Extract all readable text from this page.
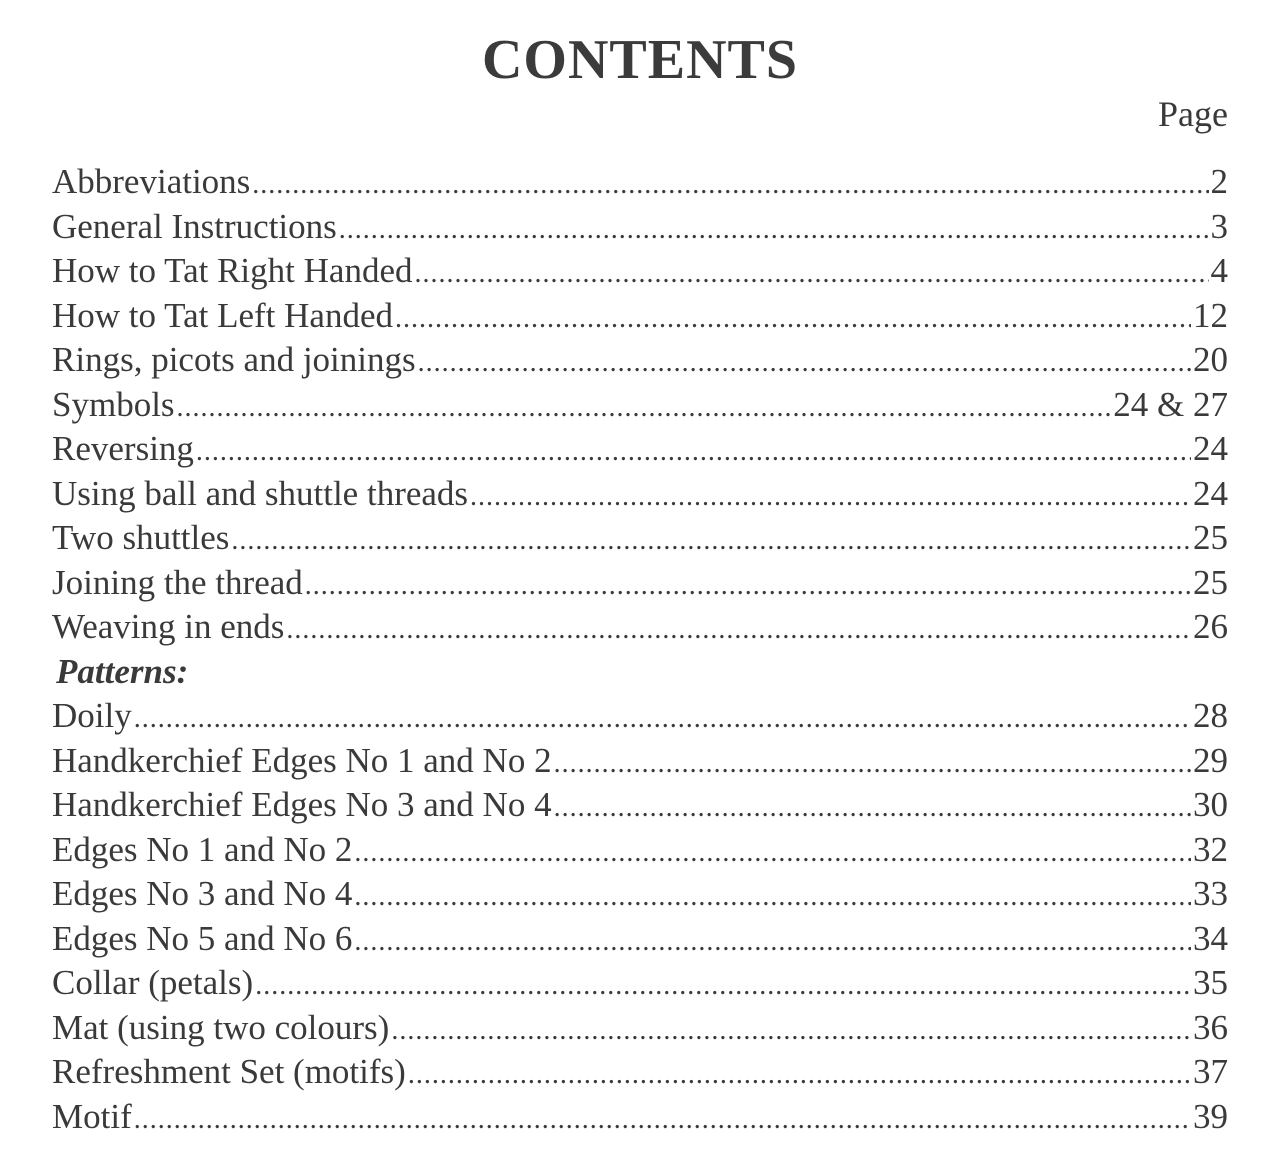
CONTENTS
Page
Abbreviations .....	2
General Instructions .....	3
How to Tat Right Handed .....	4
How to Tat Left Handed .....	12
Rings, picots and joinings .....	20
Symbols .....	24 & 27
Reversing .....	24
Using ball and shuttle threads .....	24
Two shuttles .....	25
Joining the thread .....	25
Weaving in ends .....	26
Patterns:
Doily .....	28
Handkerchief Edges No 1 and No 2 .....	29
Handkerchief Edges No 3 and No 4 .....	30
Edges No 1 and No 2 .....	32
Edges No 3 and No 4 .....	33
Edges No 5 and No 6 .....	34
Collar (petals) .....	35
Mat (using two colours) .....	36
Refreshment Set (motifs) .....	37
Motif .....	39
